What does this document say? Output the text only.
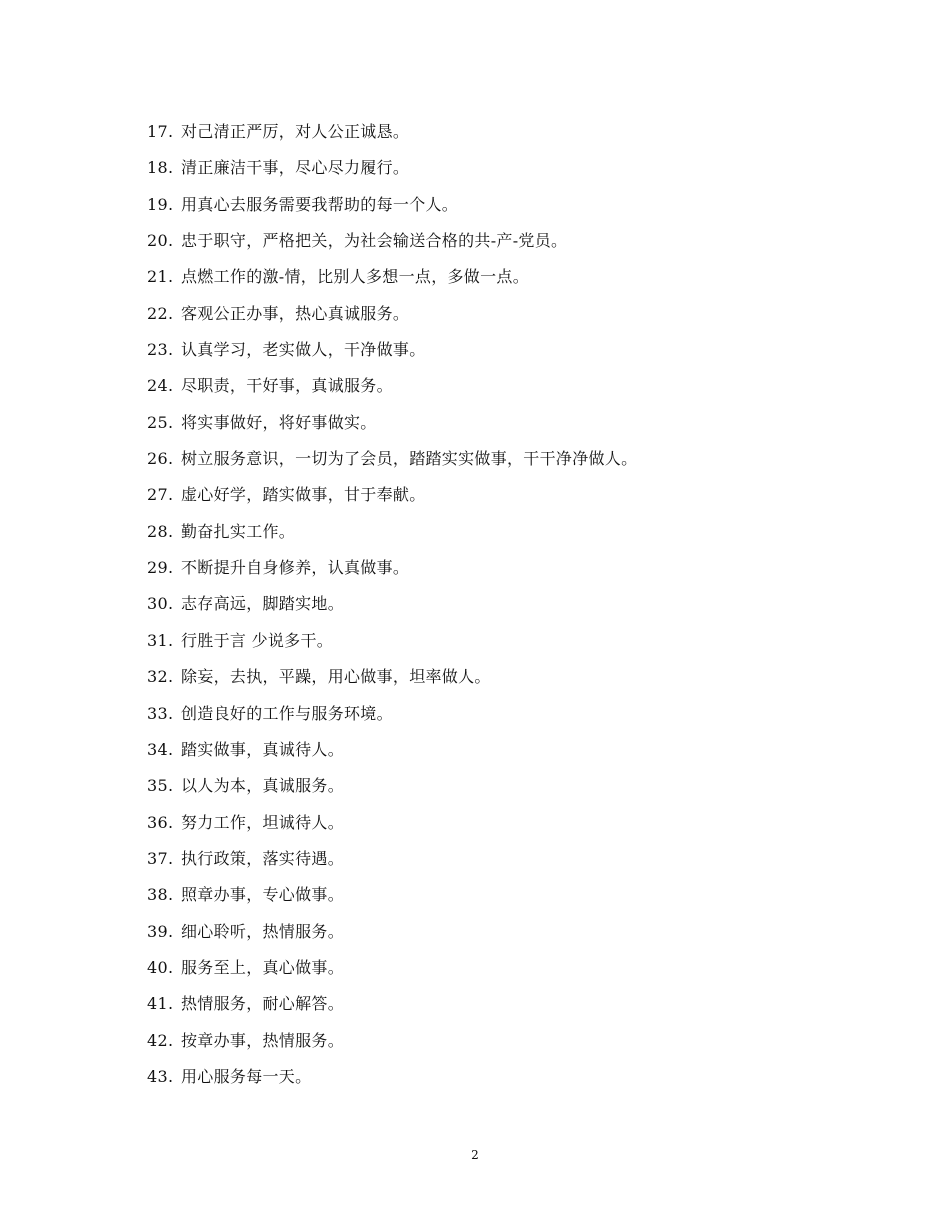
17. 对己清正严厉，对人公正诚恳。
18. 清正廉洁干事，尽心尽力履行。
19. 用真心去服务需要我帮助的每一个人。
20. 忠于职守，严格把关，为社会输送合格的共-产-党员。
21. 点燃工作的激-情，比别人多想一点，多做一点。
22. 客观公正办事，热心真诚服务。
23. 认真学习，老实做人，干净做事。
24. 尽职责，干好事，真诚服务。
25. 将实事做好，将好事做实。
26. 树立服务意识，一切为了会员，踏踏实实做事，干干净净做人。
27. 虚心好学，踏实做事，甘于奉献。
28. 勤奋扎实工作。
29. 不断提升自身修养，认真做事。
30. 志存高远，脚踏实地。
31. 行胜于言 少说多干。
32. 除妄，去执，平躁，用心做事，坦率做人。
33. 创造良好的工作与服务环境。
34. 踏实做事，真诚待人。
35. 以人为本，真诚服务。
36. 努力工作，坦诚待人。
37. 执行政策，落实待遇。
38. 照章办事，专心做事。
39. 细心聆听，热情服务。
40. 服务至上，真心做事。
41. 热情服务，耐心解答。
42. 按章办事，热情服务。
43. 用心服务每一天。
2
